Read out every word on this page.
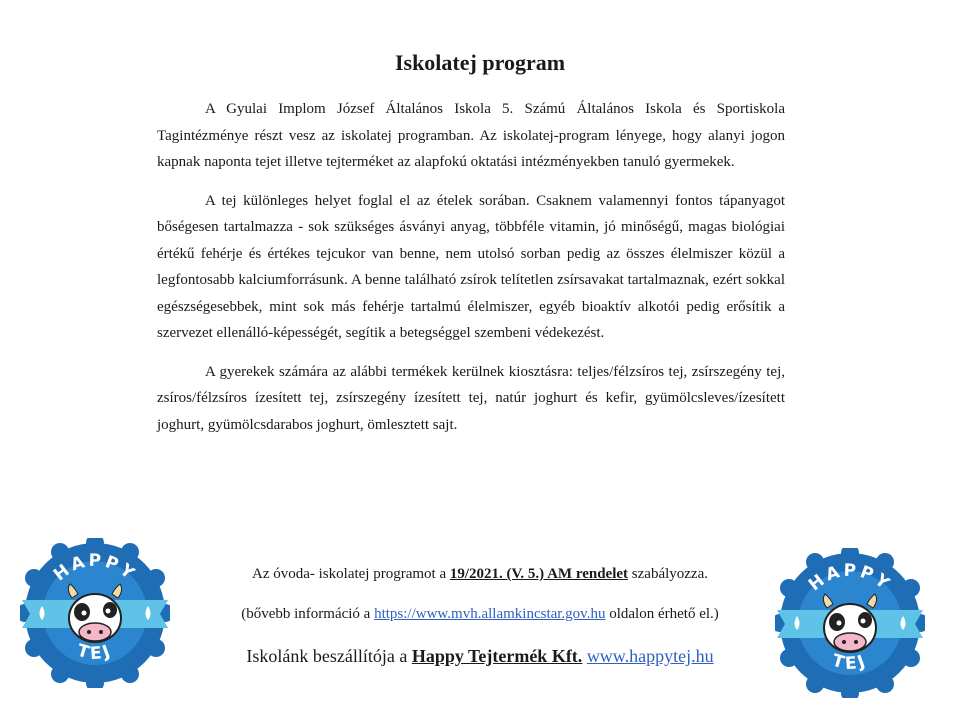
Iskolatej program

A Gyulai Implom József Általános Iskola 5. Számú Általános Iskola és Sportiskola Tagintézménye részt vesz az iskolatej programban. Az iskolatej-program lényege, hogy alanyi jogon kapnak naponta tejet illetve tejterméket az alapfokú oktatási intézményekben tanuló gyermekek.

A tej különleges helyet foglal el az ételek sorában. Csaknem valamennyi fontos tápanyagot bőségesen tartalmazza - sok szükséges ásványi anyag, többféle vitamin, jó minőségű, magas biológiai értékű fehérje és értékes tejcukor van benne, nem utolsó sorban pedig az összes élelmiszer közül a legfontosabb kalciumforrásunk. A benne található zsírok telítetlen zsírsavakat tartalmaznak, ezért sokkal egészségesebbek, mint sok más fehérje tartalmú élelmiszer, egyéb bioaktív alkotói pedig erősítik a szervezet ellenálló-képességét, segítik a betegséggel szembeni védekezést.

A gyerekek számára az alábbi termékek kerülnek kiosztásra: teljes/félzsíros tej, zsírszegény tej, zsíros/félzsíros ízesített tej, zsírszegény ízesített tej, natúr joghurt és kefir, gyümölcsleves/ízesített joghurt, gyümölcsdarabos joghurt, ömlesztett sajt.

Az óvoda- iskolatej programot a 19/2021. (V. 5.) AM rendelet szabályozza.
(bővebb információ a https://www.mvh.allamkincstar.gov.hu oldalon érhető el.)
Iskolánk beszállítója a Happy Tejtermék Kft. www.happytej.hu
HAPPY
TEJ
HAPPY
TEJ
